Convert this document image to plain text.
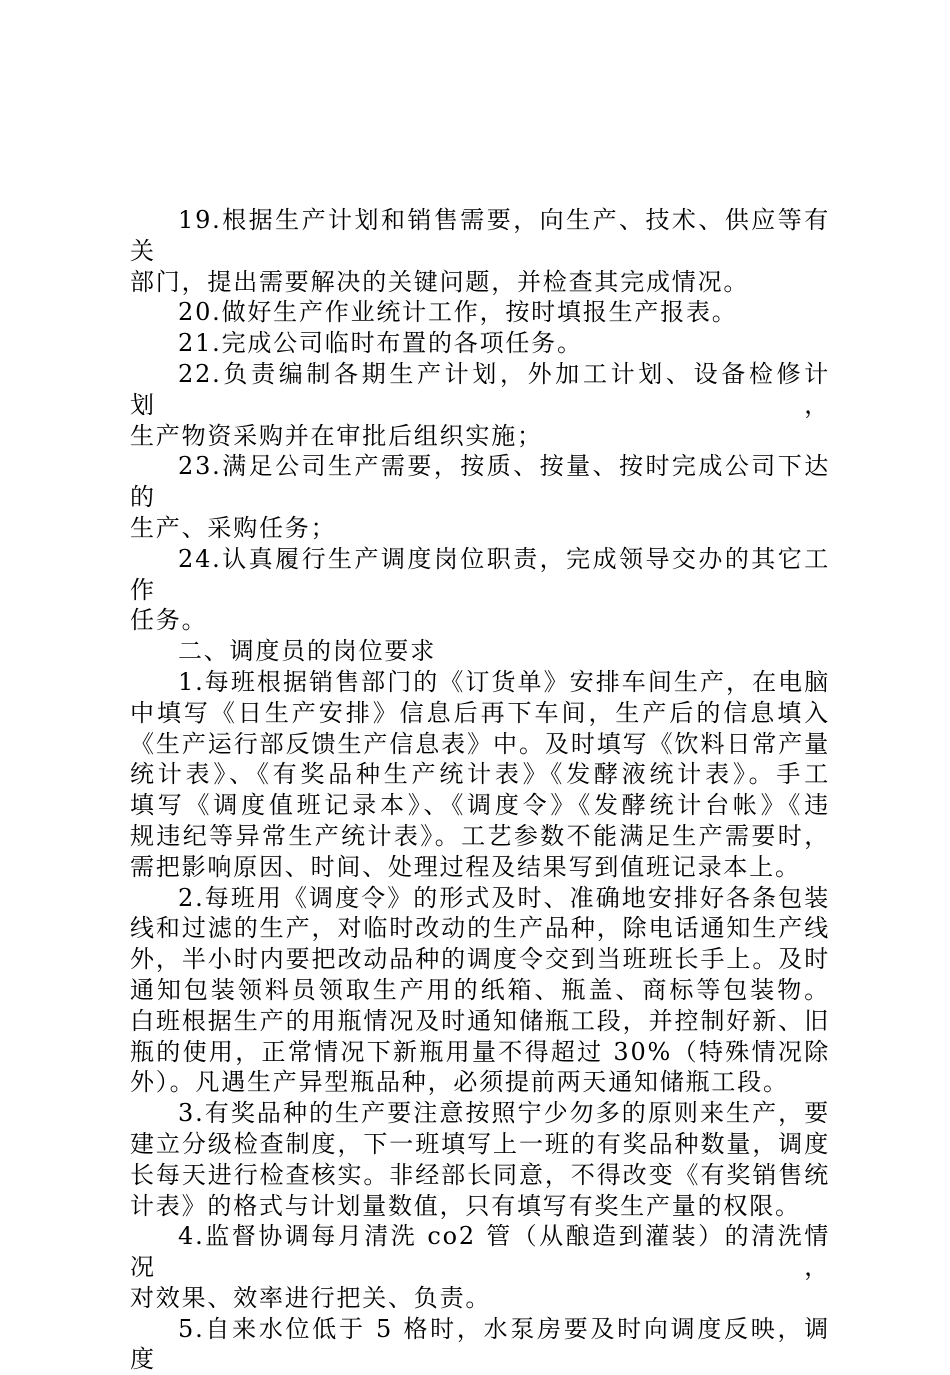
19.根据生产计划和销售需要，向生产、技术、供应等有关
部门，提出需要解决的关键问题，并检查其完成情况。

20.做好生产作业统计工作，按时填报生产报表。

21.完成公司临时布置的各项任务。

22.负责编制各期生产计划，外加工计划、设备检修计划，
生产物资采购并在审批后组织实施；

23.满足公司生产需要，按质、按量、按时完成公司下达的
生产、采购任务；

24.认真履行生产调度岗位职责，完成领导交办的其它工作
任务。

二、调度员的岗位要求

1.每班根据销售部门的《订货单》安排车间生产，在电脑
中填写《日生产安排》信息后再下车间，生产后的信息填入
《生产运行部反馈生产信息表》中。及时填写《饮料日常产量
统计表》、《有奖品种生产统计表》《发酵液统计表》。手工
填写《调度值班记录本》、《调度令》《发酵统计台帐》《违
规违纪等异常生产统计表》。工艺参数不能满足生产需要时，
需把影响原因、时间、处理过程及结果写到值班记录本上。

2.每班用《调度令》的形式及时、准确地安排好各条包装
线和过滤的生产，对临时改动的生产品种，除电话通知生产线
外，半小时内要把改动品种的调度令交到当班班长手上。及时
通知包装领料员领取生产用的纸箱、瓶盖、商标等包装物。
白班根据生产的用瓶情况及时通知储瓶工段，并控制好新、旧
瓶的使用，正常情况下新瓶用量不得超过 30%（特殊情况除
外）。凡遇生产异型瓶品种，必须提前两天通知储瓶工段。

3.有奖品种的生产要注意按照宁少勿多的原则来生产，要
建立分级检查制度，下一班填写上一班的有奖品种数量，调度
长每天进行检查核实。非经部长同意，不得改变《有奖销售统
计表》的格式与计划量数值，只有填写有奖生产量的权限。

4.监督协调每月清洗 co2 管（从酿造到灌装）的清洗情况，
对效果、效率进行把关、负责。

5.自来水位低于 5 格时，水泵房要及时向调度反映，调度
